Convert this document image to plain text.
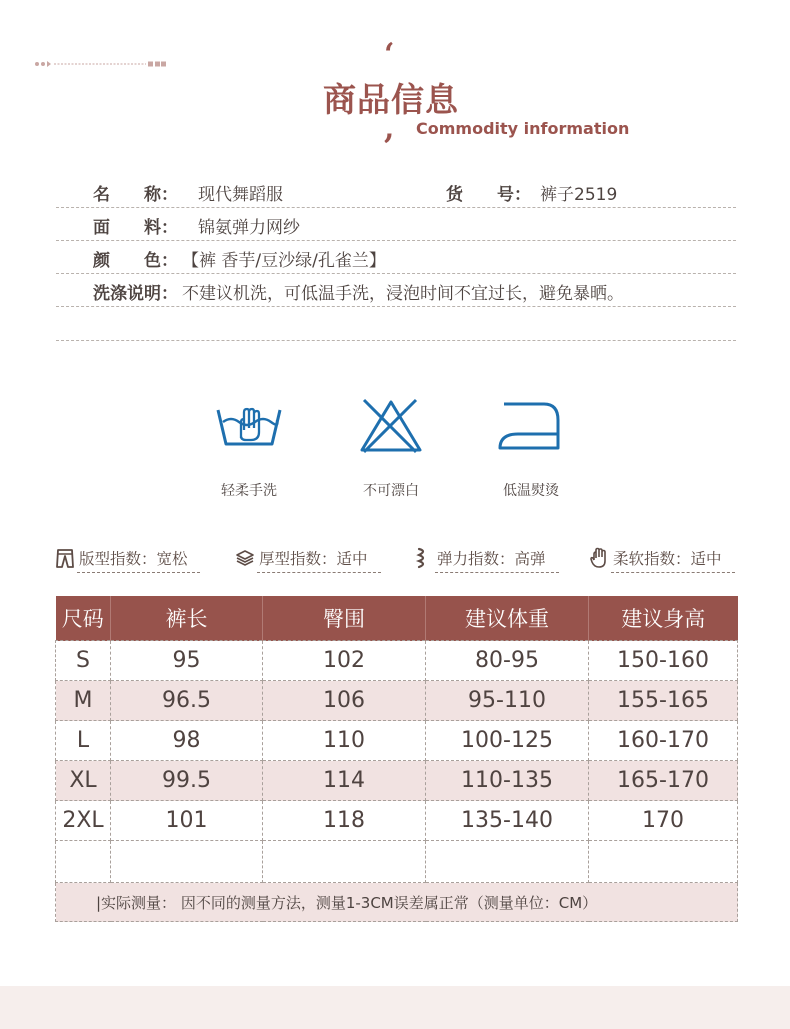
‘
商品信息
, Commodity information
名　　称： 现代舞蹈服	货　　号： 裤子2519
面　　料： 锦氨弹力网纱
颜　　色： 【裤 香芋/豆沙绿/孔雀兰】
洗涤说明： 不建议机洗，可低温手洗，浸泡时间不宜过长，避免暴晒。
轻柔手洗	不可漂白	低温熨烫
版型指数：宽松	厚型指数：适中	弹力指数：高弹	柔软指数：适中
尺码	裤长	臀围	建议体重	建议身高
S	95	102	80-95	150-160
M	96.5	106	95-110	155-165
L	98	110	100-125	160-170
XL	99.5	114	110-135	165-170
2XL	101	118	135-140	170

|实际测量： 因不同的测量方法，测量1-3CM误差属正常（测量单位：CM）				
